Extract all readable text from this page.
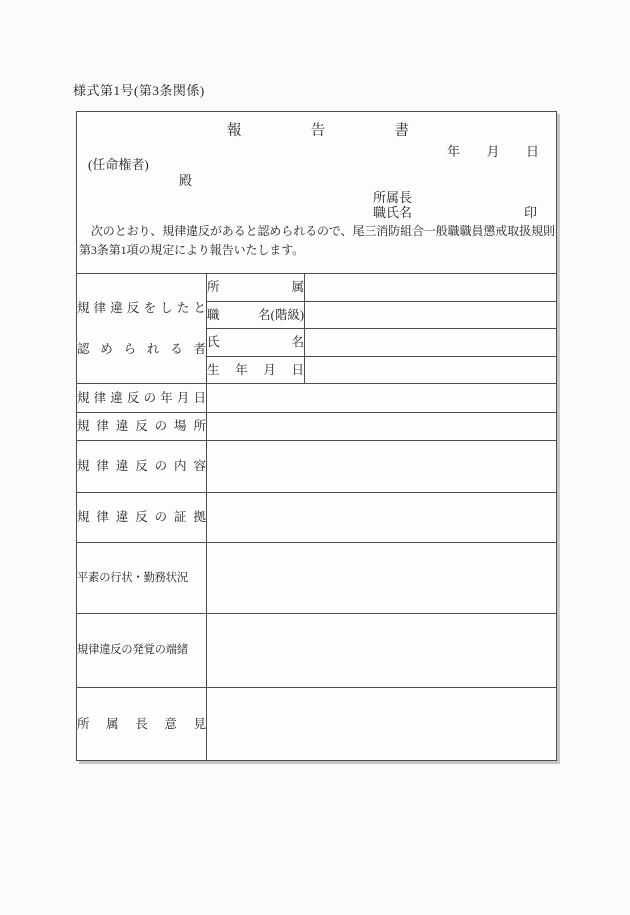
様式第1号(第3条関係)
報	告	書
年 月 日
(任命権者)
殿
所属長
職氏名	印
　次のとおり、規律違反があると認められるので、尾三消防組合一般職職員懲戒取扱規則
第3条第1項の規定により報告いたします。
規 律 違 反 を し た と
認 め ら れ る 者

所	属

	職 名(階級)	

	氏 名	

	生 年 月 日	

規 律 違 反 の 年 月 日

規 律 違 反 の 場 所

規 律 違 反 の 内 容

規 律 違 反 の 証 拠

平素の行状・勤務状況		
規律違反の発覚の端緒		

所 属 長 意 見		
